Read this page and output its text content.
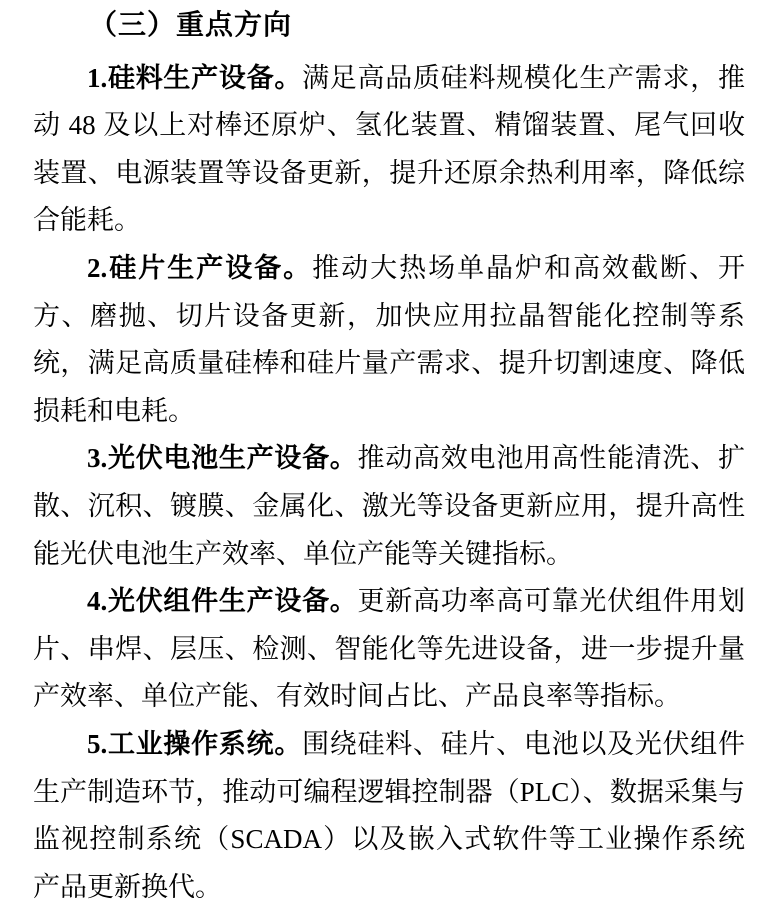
（三）重点方向

1.硅料生产设备。满足高品质硅料规模化生产需求，推动 48 及以上对棒还原炉、氢化装置、精馏装置、尾气回收装置、电源装置等设备更新，提升还原余热利用率，降低综合能耗。

2.硅片生产设备。推动大热场单晶炉和高效截断、开方、磨抛、切片设备更新，加快应用拉晶智能化控制等系统，满足高质量硅棒和硅片量产需求、提升切割速度、降低损耗和电耗。

3.光伏电池生产设备。推动高效电池用高性能清洗、扩散、沉积、镀膜、金属化、激光等设备更新应用，提升高性能光伏电池生产效率、单位产能等关键指标。

4.光伏组件生产设备。更新高功率高可靠光伏组件用划片、串焊、层压、检测、智能化等先进设备，进一步提升量产效率、单位产能、有效时间占比、产品良率等指标。

5.工业操作系统。围绕硅料、硅片、电池以及光伏组件生产制造环节，推动可编程逻辑控制器（PLC）、数据采集与监视控制系统（SCADA）以及嵌入式软件等工业操作系统产品更新换代。
